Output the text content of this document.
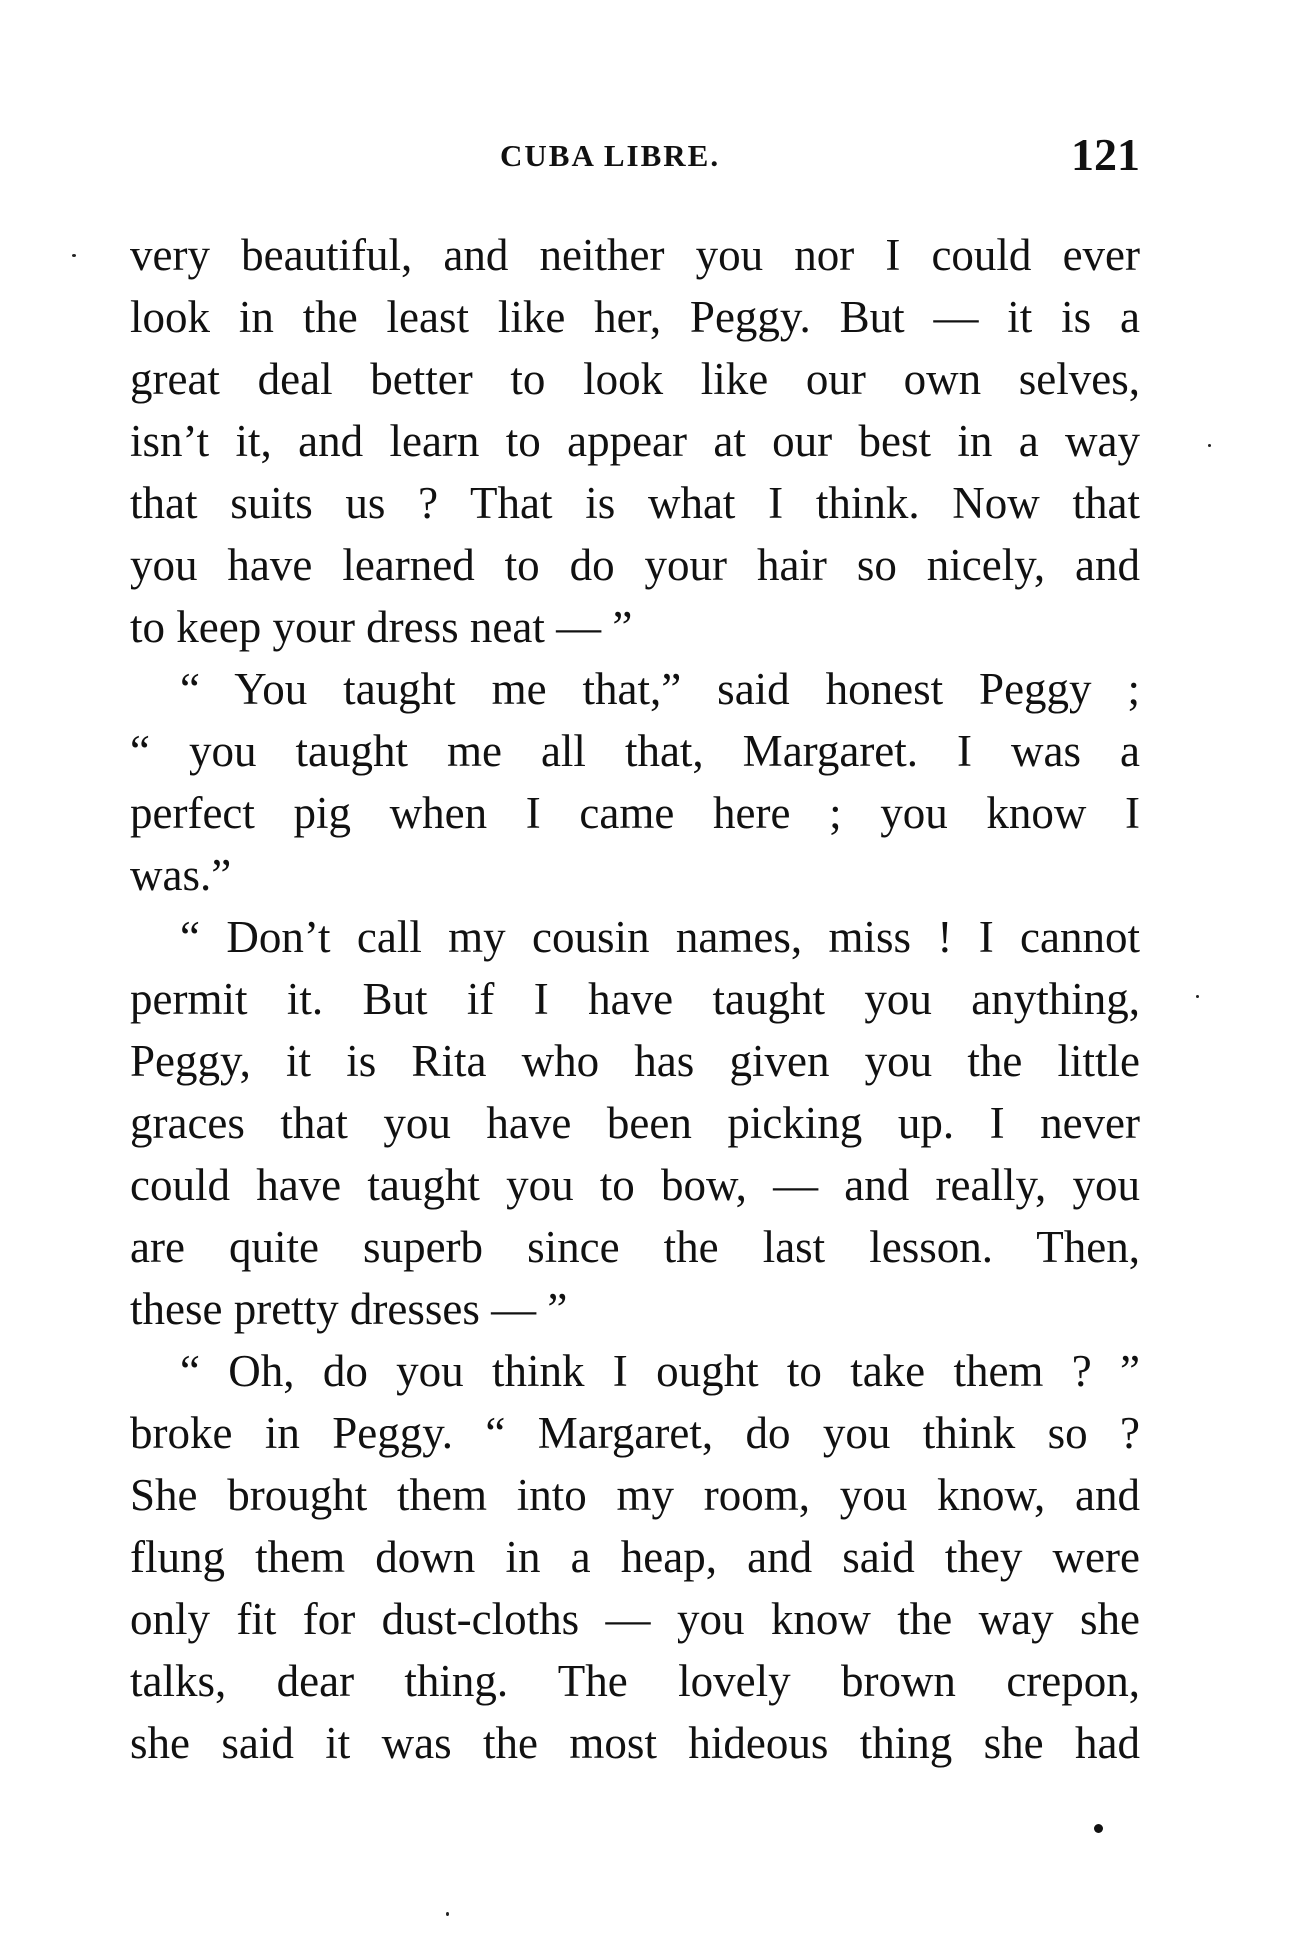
CUBA LIBRE.	121
very beautiful, and neither you nor I could ever
look in the least like her, Peggy. But — it is a
great deal better to look like our own selves,
isn’t it, and learn to appear at our best in a way
that suits us ? That is what I think. Now that
you have learned to do your hair so nicely, and
to keep your dress neat — ”
“ You taught me that,” said honest Peggy ;
“ you taught me all that, Margaret. I was a
perfect pig when I came here ; you know I
was.”
“ Don’t call my cousin names, miss ! I cannot
permit it. But if I have taught you anything,
Peggy, it is Rita who has given you the little
graces that you have been picking up. I never
could have taught you to bow, — and really, you
are quite superb since the last lesson. Then,
these pretty dresses — ”
“ Oh, do you think I ought to take them ? ”
broke in Peggy. “ Margaret, do you think so ?
She brought them into my room, you know, and
flung them down in a heap, and said they were
only fit for dust-cloths — you know the way she
talks, dear thing. The lovely brown crepon,
she said it was the most hideous thing she had
